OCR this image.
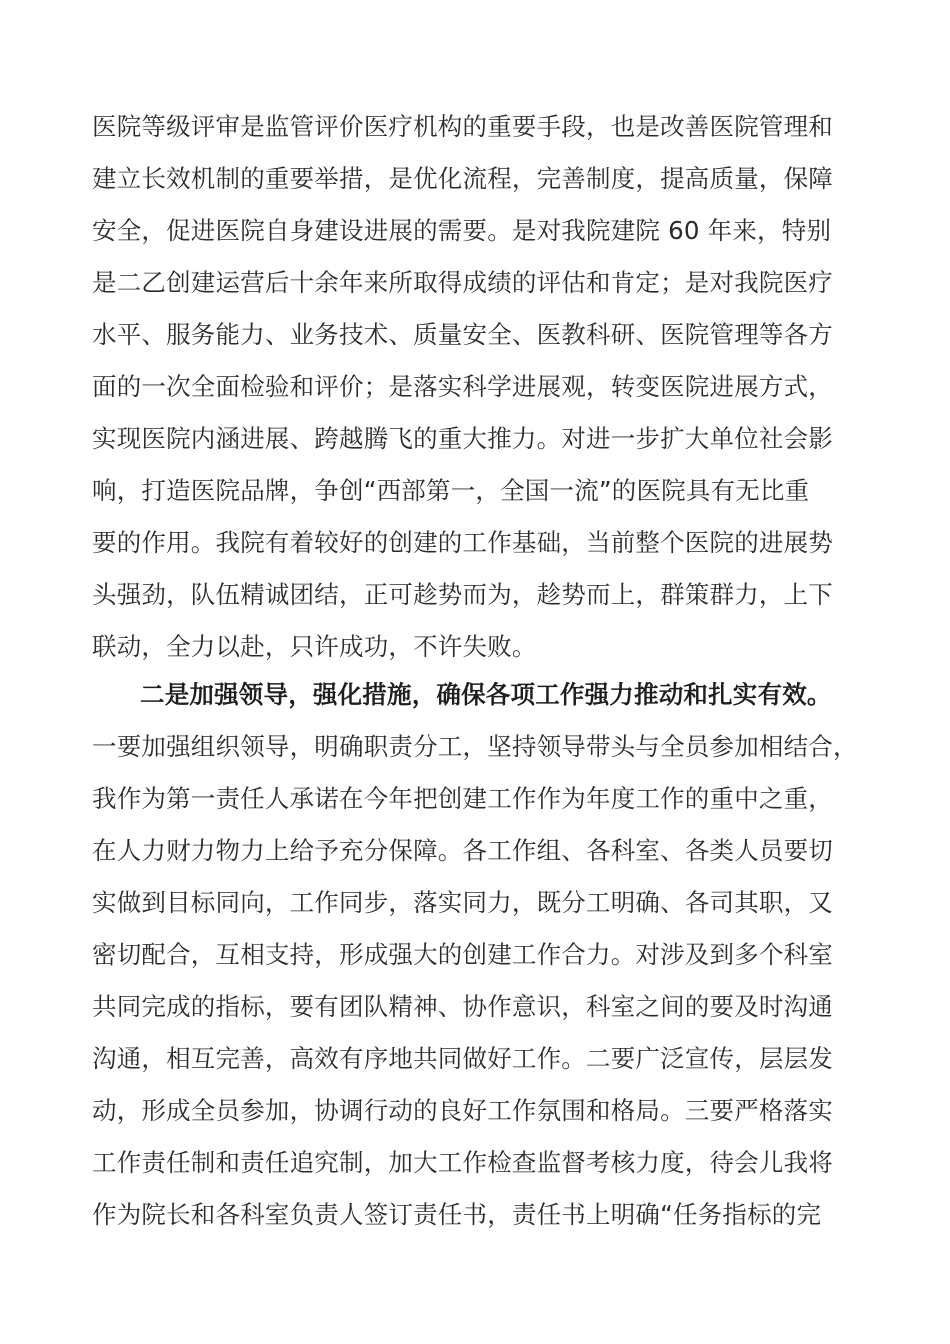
医院等级评审是监管评价医疗机构的重要手段，也是改善医院管理和
建立长效机制的重要举措，是优化流程，完善制度，提高质量，保障
安全，促进医院自身建设进展的需要。是对我院建院 60 年来，特别
是二乙创建运营后十余年来所取得成绩的评估和肯定；是对我院医疗
水平、服务能力、业务技术、质量安全、医教科研、医院管理等各方
面的一次全面检验和评价；是落实科学进展观，转变医院进展方式，
实现医院内涵进展、跨越腾飞的重大推力。对进一步扩大单位社会影
响，打造医院品牌，争创“西部第一，全国一流”的医院具有无比重
要的作用。我院有着较好的创建的工作基础，当前整个医院的进展势
头强劲，队伍精诚团结，正可趁势而为，趁势而上，群策群力，上下
联动，全力以赴，只许成功，不许失败。
二是加强领导，强化措施，确保各项工作强力推动和扎实有效。
一要加强组织领导，明确职责分工，坚持领导带头与全员参加相结合，
我作为第一责任人承诺在今年把创建工作作为年度工作的重中之重，
在人力财力物力上给予充分保障。各工作组、各科室、各类人员要切
实做到目标同向，工作同步，落实同力，既分工明确、各司其职，又
密切配合，互相支持，形成强大的创建工作合力。对涉及到多个科室
共同完成的指标，要有团队精神、协作意识，科室之间的要及时沟通
沟通，相互完善，高效有序地共同做好工作。二要广泛宣传，层层发
动，形成全员参加，协调行动的良好工作氛围和格局。三要严格落实
工作责任制和责任追究制，加大工作检查监督考核力度，待会儿我将
作为院长和各科室负责人签订责任书，责任书上明确“任务指标的完
